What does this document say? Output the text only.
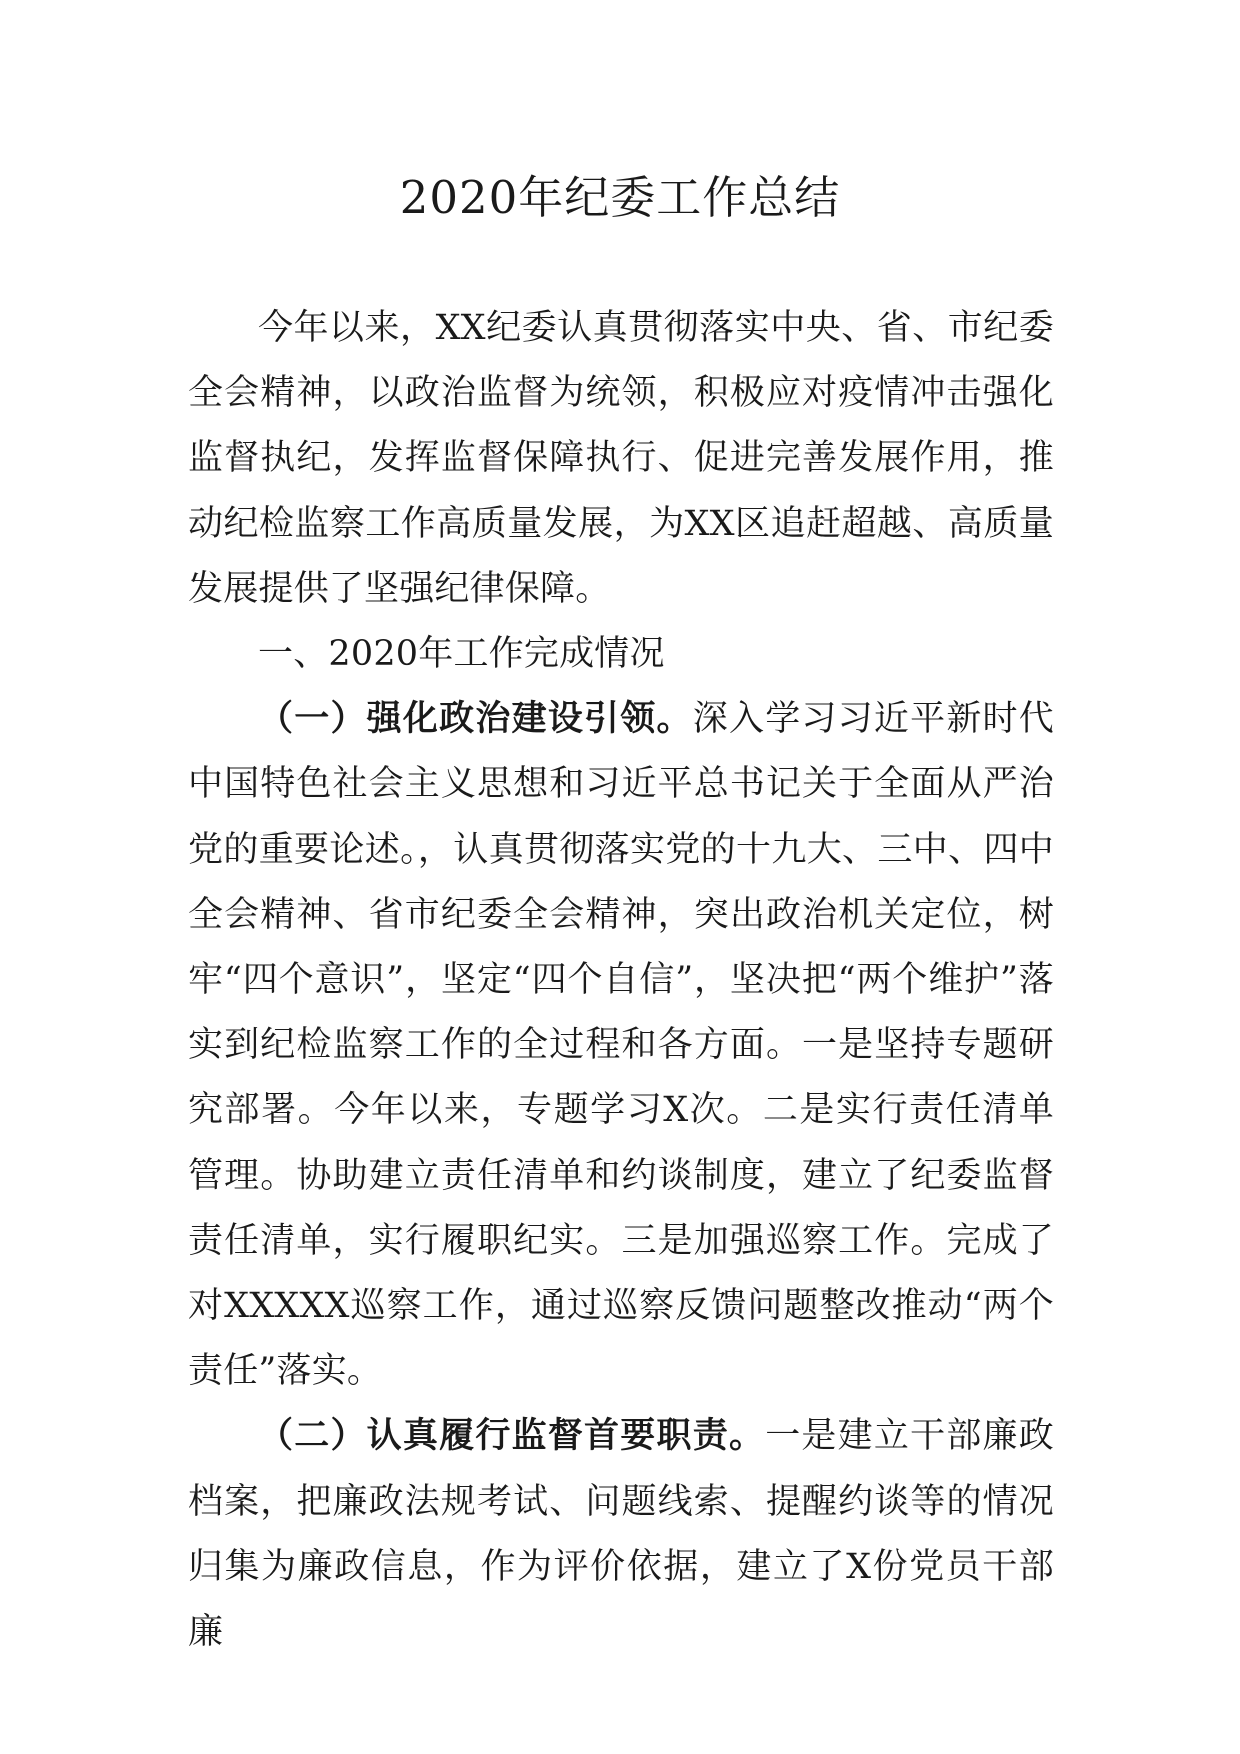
2020年纪委工作总结

今年以来，XX纪委认真贯彻落实中央、省、市纪委全会精神，以政治监督为统领，积极应对疫情冲击强化监督执纪，发挥监督保障执行、促进完善发展作用，推动纪检监察工作高质量发展，为XX区追赶超越、高质量发展提供了坚强纪律保障。

一、2020年工作完成情况

（一）强化政治建设引领。深入学习习近平新时代中国特色社会主义思想和习近平总书记关于全面从严治党的重要论述。，认真贯彻落实党的十九大、三中、四中全会精神、省市纪委全会精神，突出政治机关定位，树牢“四个意识”，坚定“四个自信”，坚决把“两个维护”落实到纪检监察工作的全过程和各方面。一是坚持专题研究部署。今年以来，专题学习X次。二是实行责任清单管理。协助建立责任清单和约谈制度，建立了纪委监督责任清单，实行履职纪实。三是加强巡察工作。完成了对XXXXX巡察工作，通过巡察反馈问题整改推动“两个责任”落实。

（二）认真履行监督首要职责。一是建立干部廉政档案，把廉政法规考试、问题线索、提醒约谈等的情况归集为廉政信息，作为评价依据，建立了X份党员干部廉
